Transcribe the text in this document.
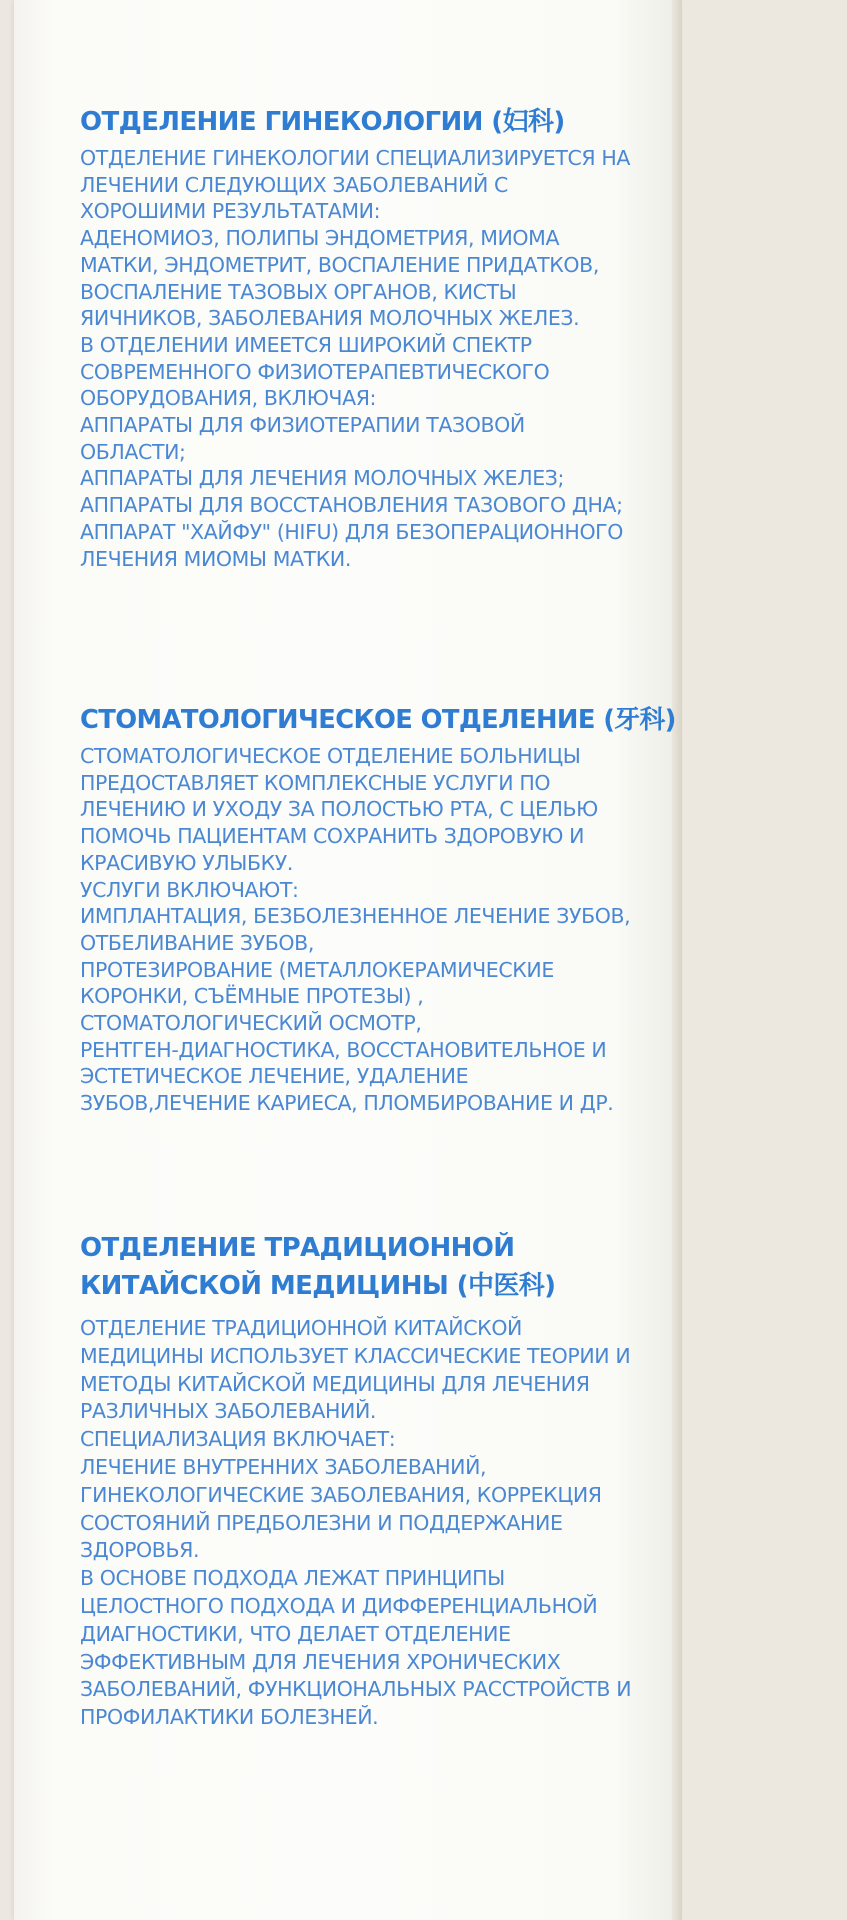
ОТДЕЛЕНИЕ ГИНЕКОЛОГИИ (妇科)
ОТДЕЛЕНИЕ ГИНЕКОЛОГИИ СПЕЦИАЛИЗИРУЕТСЯ НА
ЛЕЧЕНИИ СЛЕДУЮЩИХ ЗАБОЛЕВАНИЙ С
ХОРОШИМИ РЕЗУЛЬТАТАМИ:
АДЕНОМИОЗ, ПОЛИПЫ ЭНДОМЕТРИЯ, МИОМА
МАТКИ, ЭНДОМЕТРИТ, ВОСПАЛЕНИЕ ПРИДАТКОВ,
ВОСПАЛЕНИЕ ТАЗОВЫХ ОРГАНОВ, КИСТЫ
ЯИЧНИКОВ, ЗАБОЛЕВАНИЯ МОЛОЧНЫХ ЖЕЛЕЗ.
В ОТДЕЛЕНИИ ИМЕЕТСЯ ШИРОКИЙ СПЕКТР
СОВРЕМЕННОГО ФИЗИОТЕРАПЕВТИЧЕСКОГО
ОБОРУДОВАНИЯ, ВКЛЮЧАЯ:
АППАРАТЫ ДЛЯ ФИЗИОТЕРАПИИ ТАЗОВОЙ
ОБЛАСТИ;
АППАРАТЫ ДЛЯ ЛЕЧЕНИЯ МОЛОЧНЫХ ЖЕЛЕЗ;
АППАРАТЫ ДЛЯ ВОССТАНОВЛЕНИЯ ТАЗОВОГО ДНА;
АППАРАТ "ХАЙФУ" (HIFU) ДЛЯ БЕЗОПЕРАЦИОННОГО
ЛЕЧЕНИЯ МИОМЫ МАТКИ.
СТОМАТОЛОГИЧЕСКОЕ ОТДЕЛЕНИЕ (牙科)
СТОМАТОЛОГИЧЕСКОЕ ОТДЕЛЕНИЕ БОЛЬНИЦЫ
ПРЕДОСТАВЛЯЕТ КОМПЛЕКСНЫЕ УСЛУГИ ПО
ЛЕЧЕНИЮ И УХОДУ ЗА ПОЛОСТЬЮ РТА, С ЦЕЛЬЮ
ПОМОЧЬ ПАЦИЕНТАМ СОХРАНИТЬ ЗДОРОВУЮ И
КРАСИВУЮ УЛЫБКУ.
УСЛУГИ ВКЛЮЧАЮТ:
ИМПЛАНТАЦИЯ, БЕЗБОЛЕЗНЕННОЕ ЛЕЧЕНИЕ ЗУБОВ,
ОТБЕЛИВАНИЕ ЗУБОВ,
ПРОТЕЗИРОВАНИЕ (МЕТАЛЛОКЕРАМИЧЕСКИЕ
КОРОНКИ, СЪЁМНЫЕ ПРОТЕЗЫ) ,
СТОМАТОЛОГИЧЕСКИЙ ОСМОТР,
РЕНТГЕН-ДИАГНОСТИКА, ВОССТАНОВИТЕЛЬНОЕ И
ЭСТЕТИЧЕСКОЕ ЛЕЧЕНИЕ, УДАЛЕНИЕ
ЗУБОВ,ЛЕЧЕНИЕ КАРИЕСА, ПЛОМБИРОВАНИЕ И ДР.
ОТДЕЛЕНИЕ ТРАДИЦИОННОЙ
КИТАЙСКОЙ МЕДИЦИНЫ (中医科)
ОТДЕЛЕНИЕ ТРАДИЦИОННОЙ КИТАЙСКОЙ
МЕДИЦИНЫ ИСПОЛЬЗУЕТ КЛАССИЧЕСКИЕ ТЕОРИИ И
МЕТОДЫ КИТАЙСКОЙ МЕДИЦИНЫ ДЛЯ ЛЕЧЕНИЯ
РАЗЛИЧНЫХ ЗАБОЛЕВАНИЙ.
СПЕЦИАЛИЗАЦИЯ ВКЛЮЧАЕТ:
ЛЕЧЕНИЕ ВНУТРЕННИХ ЗАБОЛЕВАНИЙ,
ГИНЕКОЛОГИЧЕСКИЕ ЗАБОЛЕВАНИЯ, КОРРЕКЦИЯ
СОСТОЯНИЙ ПРЕДБОЛЕЗНИ И ПОДДЕРЖАНИЕ
ЗДОРОВЬЯ.
В ОСНОВЕ ПОДХОДА ЛЕЖАТ ПРИНЦИПЫ
ЦЕЛОСТНОГО ПОДХОДА И ДИФФЕРЕНЦИАЛЬНОЙ
ДИАГНОСТИКИ, ЧТО ДЕЛАЕТ ОТДЕЛЕНИЕ
ЭФФЕКТИВНЫМ ДЛЯ ЛЕЧЕНИЯ ХРОНИЧЕСКИХ
ЗАБОЛЕВАНИЙ, ФУНКЦИОНАЛЬНЫХ РАССТРОЙСТВ И
ПРОФИЛАКТИКИ БОЛЕЗНЕЙ.
